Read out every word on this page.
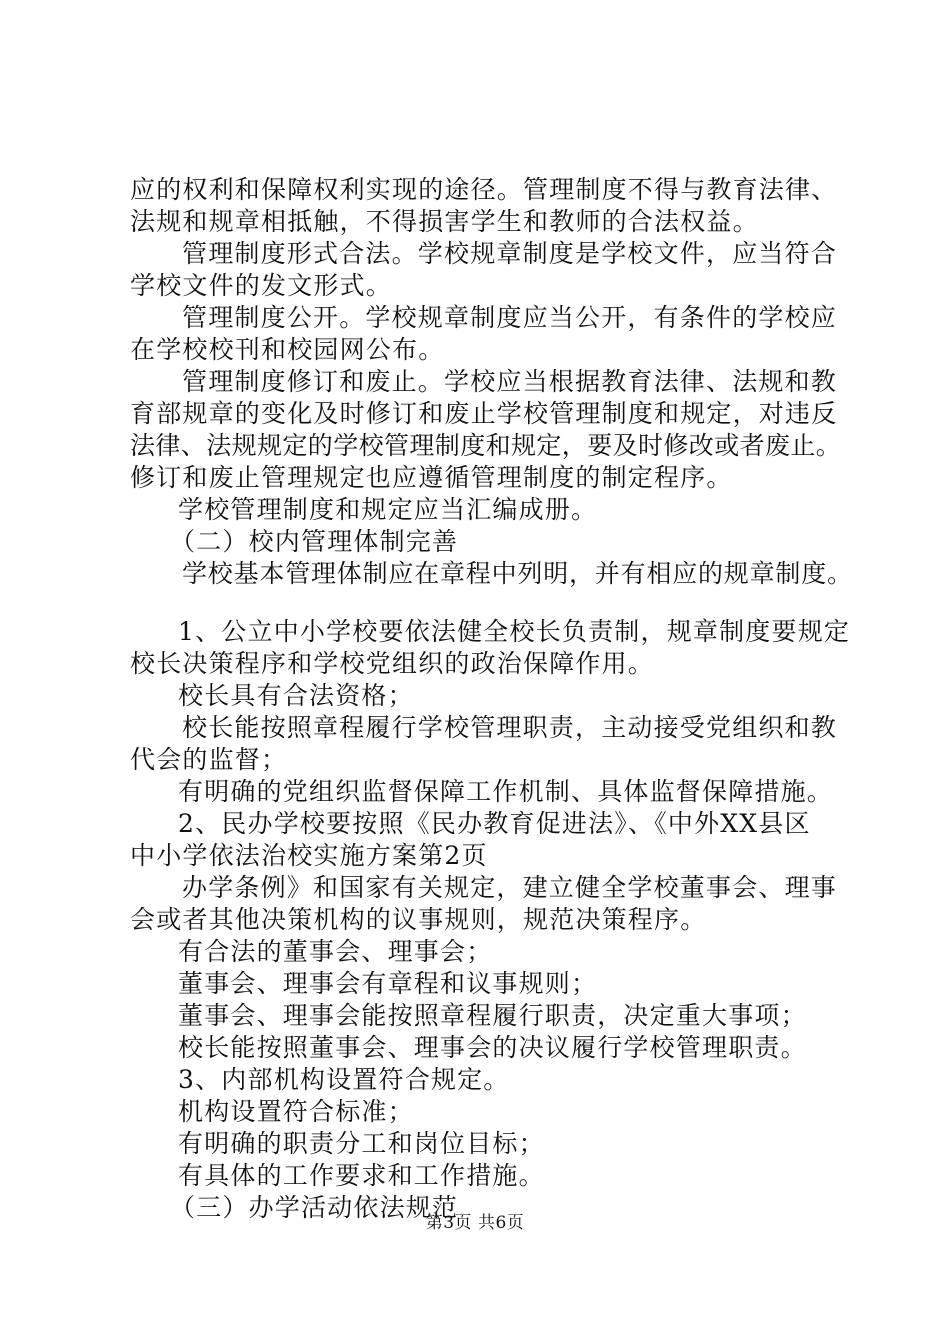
应的权利和保障权利实现的途径。管理制度不得与教育法律、
法规和规章相抵触，不得损害学生和教师的合法权益。
管理制度形式合法。学校规章制度是学校文件，应当符合
学校文件的发文形式。
管理制度公开。学校规章制度应当公开，有条件的学校应
在学校校刊和校园网公布。
管理制度修订和废止。学校应当根据教育法律、法规和教
育部规章的变化及时修订和废止学校管理制度和规定，对违反
法律、法规规定的学校管理制度和规定，要及时修改或者废止。
修订和废止管理规定也应遵循管理制度的制定程序。
学校管理制度和规定应当汇编成册。
（二）校内管理体制完善
学校基本管理体制应在章程中列明，并有相应的规章制度。
1、公立中小学校要依法健全校长负责制，规章制度要规定
校长决策程序和学校党组织的政治保障作用。
校长具有合法资格；
校长能按照章程履行学校管理职责，主动接受党组织和教
代会的监督；
有明确的党组织监督保障工作机制、具体监督保障措施。
2、民办学校要按照《民办教育促进法》、《中外XX县区
中小学依法治校实施方案第2页
办学条例》和国家有关规定，建立健全学校董事会、理事
会或者其他决策机构的议事规则，规范决策程序。
有合法的董事会、理事会；
董事会、理事会有章程和议事规则；
董事会、理事会能按照章程履行职责，决定重大事项；
校长能按照董事会、理事会的决议履行学校管理职责。
3、内部机构设置符合规定。
机构设置符合标准；
有明确的职责分工和岗位目标；
有具体的工作要求和工作措施。
（三）办学活动依法规范
第3页 共6页
